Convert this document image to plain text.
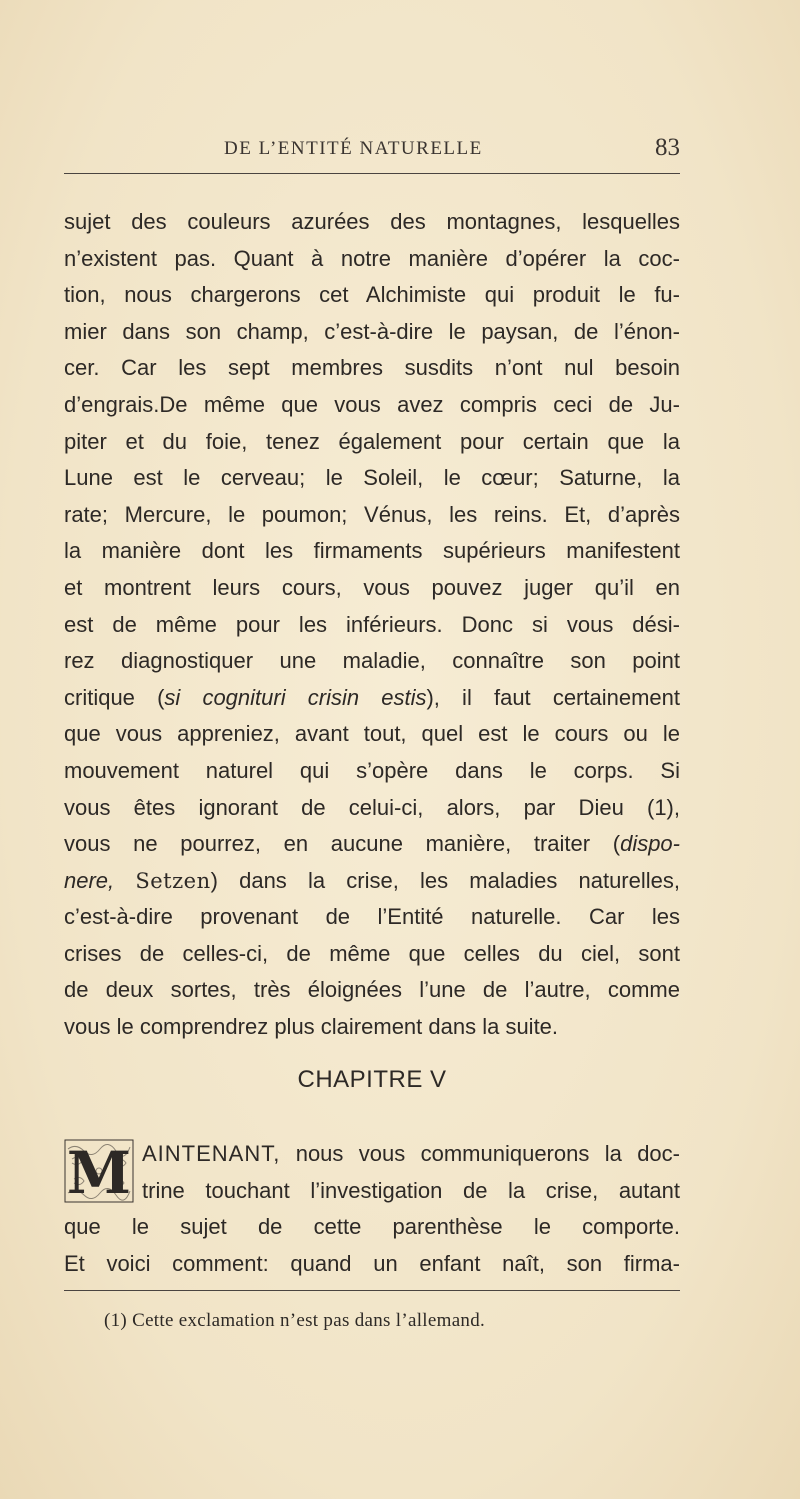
DE L’ENTITÉ NATURELLE	83
sujet des couleurs azurées des montagnes, lesquelles
n’existent pas. Quant à notre manière d’opérer la coc-
tion, nous chargerons cet Alchimiste qui produit le fu-
mier dans son champ, c’est-à-dire le paysan, de l’énon-
cer. Car les sept membres susdits n’ont nul besoin
d’engrais.De même que vous avez compris ceci de Ju-
piter et du foie, tenez également pour certain que la
Lune est le cerveau; le Soleil, le cœur; Saturne, la
rate; Mercure, le poumon; Vénus, les reins. Et, d’après
la manière dont les firmaments supérieurs manifestent
et montrent leurs cours, vous pouvez juger qu’il en
est de même pour les inférieurs. Donc si vous dési-
rez diagnostiquer une maladie, connaître son point
critique (si cognituri crisin estis), il faut certainement
que vous appreniez, avant tout, quel est le cours ou le
mouvement naturel qui s’opère dans le corps. Si
vous êtes ignorant de celui-ci, alors, par Dieu (1),
vous ne pourrez, en aucune manière, traiter (dispo-
nere, Setzen) dans la crise, les maladies naturelles,
c’est-à-dire provenant de l’Entité naturelle. Car les
crises de celles-ci, de même que celles du ciel, sont
de deux sortes, très éloignées l’une de l’autre, comme
vous le comprendrez plus clairement dans la suite.
CHAPITRE V
M AINTENANT, nous vous communiquerons la doc-
trine touchant l’investigation de la crise, autant
que le sujet de cette parenthèse le comporte.
Et voici comment: quand un enfant naît, son firma-
(1) Cette exclamation n’est pas dans l’allemand.
